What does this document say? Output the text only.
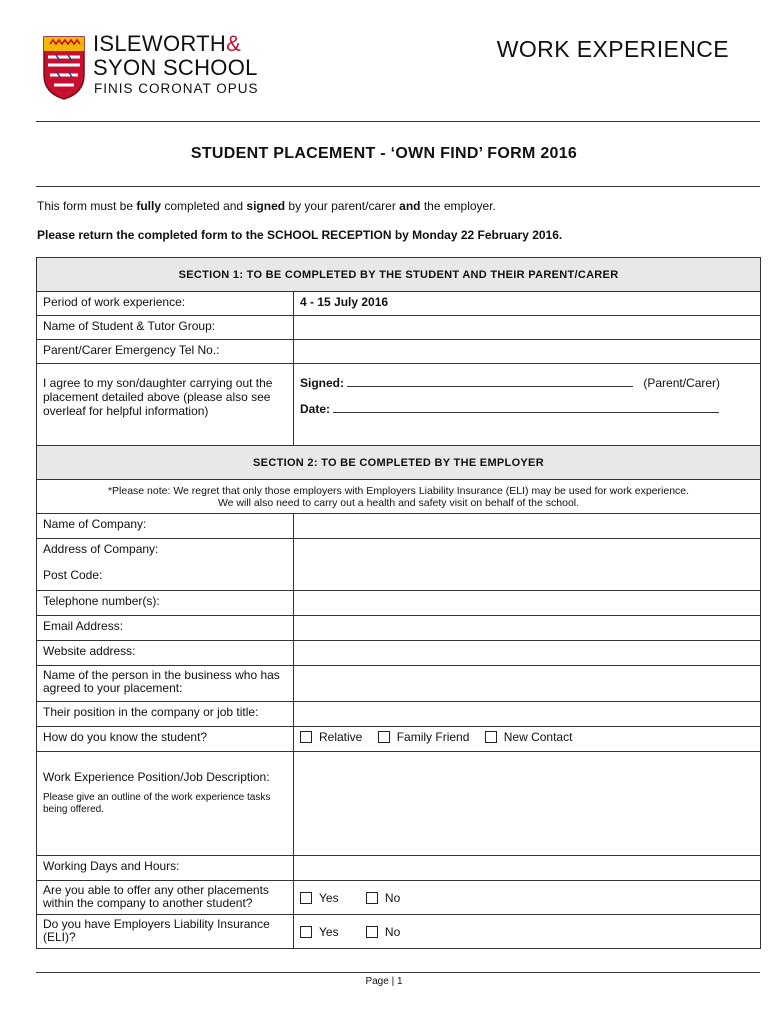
ISLEWORTH&
SYON SCHOOL
FINIS CORONAT OPUS
WORK EXPERIENCE
STUDENT PLACEMENT - ‘OWN FIND’ FORM 2016
This form must be fully completed and signed by your parent/carer and the employer.
Please return the completed form to the SCHOOL RECEPTION by Monday 22 February 2016.
SECTION 1: TO BE COMPLETED BY THE STUDENT AND THEIR PARENT/CARER	
Period of work experience:	4 - 15 July 2016
Name of Student & Tutor Group:	
Parent/Carer Emergency Tel No.:	
I agree to my son/daughter carrying out the placement detailed above (please also see overleaf for helpful information)	Signed: (Parent/Carer)
Date:

SECTION 2: TO BE COMPLETED BY THE EMPLOYER	
*Please note: We regret that only those employers with Employers Liability Insurance (ELI) may be used for work experience.
We will also need to carry out a health and safety visit on behalf of the school.	
Name of Company:	

Address of Company:
Post Code:	

Telephone number(s):	
Email Address:	
Website address:	
Name of the person in the business who has agreed to your placement:	
Their position in the company or job title:	
How do you know the student?	Relative Family Friend New Contact

Work Experience Position/Job Description:
Please give an outline of the work experience tasks being offered.	

Working Days and Hours:	
Are you able to offer any other placements within the company to another student?	Yes No
Do you have Employers Liability Insurance (ELI)?	Yes No
Page | 1
